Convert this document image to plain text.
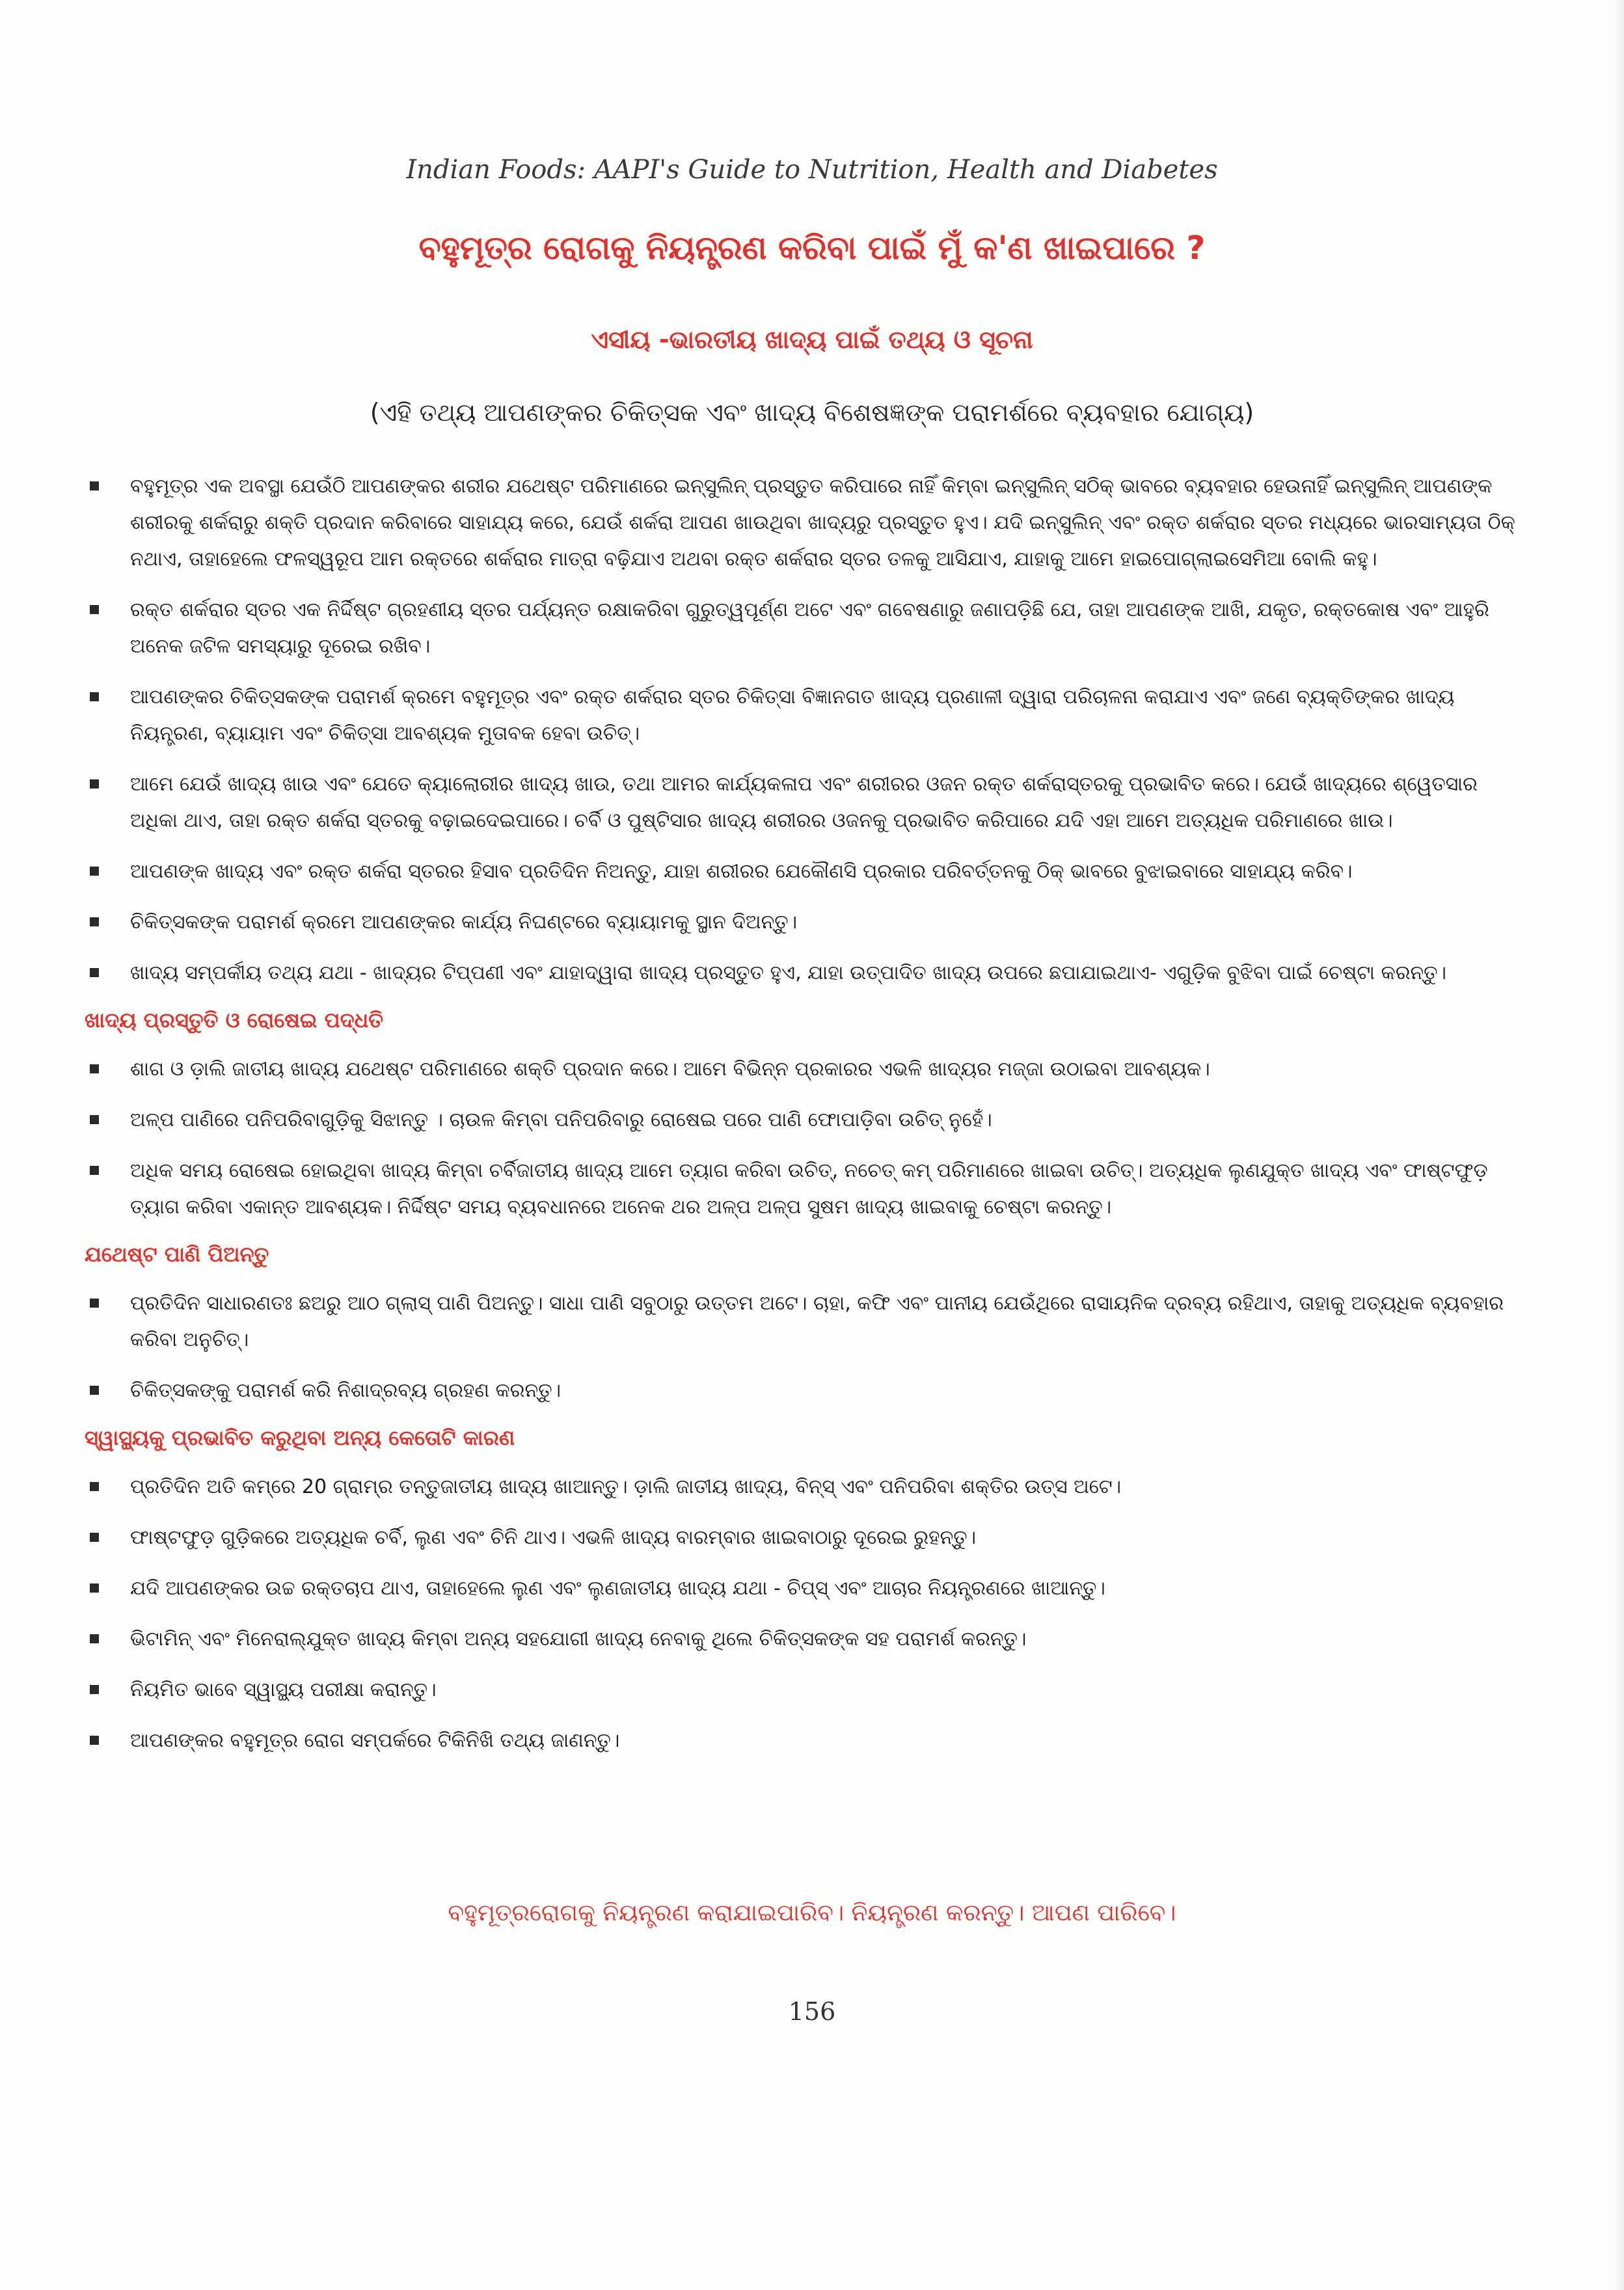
Indian Foods: AAPI's Guide to Nutrition, Health and Diabetes
ବହୁମୂତ୍ର ରୋଗକୁ ନିୟନ୍ତ୍ରଣ କରିବା ପାଇଁ ମୁଁ କ'ଣ ଖାଇପାରେ ?
ଏସୀୟ -ଭାରତୀୟ ଖାଦ୍ୟ ପାଇଁ ତଥ୍ୟ ଓ ସୂଚନା
(ଏହି ତଥ୍ୟ ଆପଣଙ୍କର ଚିକିତ୍ସକ ଏବଂ ଖାଦ୍ୟ ବିଶେଷଜ୍ଞଙ୍କ ପରାମର୍ଶରେ ବ୍ୟବହାର ଯୋଗ୍ୟ)
ବହୁମୂତ୍ର ଏକ ଅବସ୍ଥା ଯେଉଁଠି ଆପଣଙ୍କର ଶରୀର ଯଥେଷ୍ଟ ପରିମାଣରେ ଇନ୍‌ସୁଲିନ୍ ପ୍ରସ୍ତୁତ କରିପାରେ ନାହିଁ କିମ୍ବା ଇନ୍‌ସୁଲିନ୍ ସଠିକ୍ ଭାବରେ ବ୍ୟବହାର ହେଉନାହିଁ ଇନ୍‌ସୁଲିନ୍ ଆପଣଙ୍କ ଶରୀରକୁ ଶର୍କରାରୁ ଶକ୍ତି ପ୍ରଦାନ କରିବାରେ ସାହାଯ୍ୟ କରେ, ଯେଉଁ ଶର୍କରା ଆପଣ ଖାଉଥିବା ଖାଦ୍ୟରୁ ପ୍ରସ୍ତୁତ ହୁଏ। ଯଦି ଇନ୍‌ସୁଲିନ୍ ଏବଂ ରକ୍ତ ଶର୍କରାର ସ୍ତର ମଧ୍ୟରେ ଭାରସାମ୍ୟତା ଠିକ୍ ନଥାଏ, ତାହାହେଲେ ଫଳସ୍ୱରୂପ ଆମ ରକ୍ତରେ ଶର୍କରାର ମାତ୍ରା ବଢ଼ିଯାଏ ଅଥବା ରକ୍ତ ଶର୍କରାର ସ୍ତର ତଳକୁ ଆସିଯାଏ, ଯାହାକୁ ଆମେ ହାଇପୋଗ୍ଲାଇସେମିଆ ବୋଲି କହୁ।
ରକ୍ତ ଶର୍କରାର ସ୍ତର ଏକ ନିର୍ଦ୍ଦିଷ୍ଟ ଗ୍ରହଣୀୟ ସ୍ତର ପର୍ଯ୍ୟନ୍ତ ରକ୍ଷାକରିବା ଗୁରୁତ୍ୱପୂର୍ଣ୍ଣ ଅଟେ ଏବଂ ଗବେଷଣାରୁ ଜଣାପଡ଼ିଛି ଯେ, ତାହା ଆପଣଙ୍କ ଆଖି, ଯକୃତ, ରକ୍ତକୋଷ ଏବଂ ଆହୁରି ଅନେକ ଜଟିଳ ସମସ୍ୟାରୁ ଦୂରେଇ ରଖିବ।
ଆପଣଙ୍କର ଚିକିତ୍ସକଙ୍କ ପରାମର୍ଶ କ୍ରମେ ବହୁମୂତ୍ର ଏବଂ ରକ୍ତ ଶର୍କରାର ସ୍ତର ଚିକିତ୍ସା ବିଜ୍ଞାନଗତ ଖାଦ୍ୟ ପ୍ରଣାଳୀ ଦ୍ୱାରା ପରିଚାଳନା କରାଯାଏ ଏବଂ ଜଣେ ବ୍ୟକ୍ତିଙ୍କର ଖାଦ୍ୟ ନିୟନ୍ତ୍ରଣ, ବ୍ୟାୟାମ ଏବଂ ଚିକିତ୍ସା ଆବଶ୍ୟକ ମୁତାବକ ହେବା ଉଚିତ୍।
ଆମେ ଯେଉଁ ଖାଦ୍ୟ ଖାଉ ଏବଂ ଯେତେ କ୍ୟାଲୋରୀର ଖାଦ୍ୟ ଖାଉ, ତଥା ଆମର କାର୍ଯ୍ୟକଳାପ ଏବଂ ଶରୀରର ଓଜନ ରକ୍ତ ଶର୍କରାସ୍ତରକୁ ପ୍ରଭାବିତ କରେ। ଯେଉଁ ଖାଦ୍ୟରେ ଶ୍ୱେତସାର ଅଧିକା ଥାଏ, ତାହା ରକ୍ତ ଶର୍କରା ସ୍ତରକୁ ବଢ଼ାଇଦେଇପାରେ। ଚର୍ବି ଓ ପୁଷ୍ଟିସାର ଖାଦ୍ୟ ଶରୀରର ଓଜନକୁ ପ୍ରଭାବିତ କରିପାରେ ଯଦି ଏହା ଆମେ ଅତ୍ୟଧିକ ପରିମାଣରେ ଖାଉ।
ଆପଣଙ୍କ ଖାଦ୍ୟ ଏବଂ ରକ୍ତ ଶର୍କରା ସ୍ତରର ହିସାବ ପ୍ରତିଦିନ ନିଅନ୍ତୁ, ଯାହା ଶରୀରର ଯେକୌଣସି ପ୍ରକାର ପରିବର୍ତ୍ତନକୁ ଠିକ୍ ଭାବରେ ବୁଝାଇବାରେ ସାହାଯ୍ୟ କରିବ।
ଚିକିତ୍ସକଙ୍କ ପରାମର୍ଶ କ୍ରମେ ଆପଣଙ୍କର କାର୍ଯ୍ୟ ନିଘଣ୍ଟରେ ବ୍ୟାୟାମକୁ ସ୍ଥାନ ଦିଅନ୍ତୁ।
ଖାଦ୍ୟ ସମ୍ପର୍କୀୟ ତଥ୍ୟ ଯଥା - ଖାଦ୍ୟର ଟିପ୍ପଣୀ ଏବଂ ଯାହାଦ୍ୱାରା ଖାଦ୍ୟ ପ୍ରସ୍ତୁତ ହୁଏ, ଯାହା ଉତ୍ପାଦିତ ଖାଦ୍ୟ ଉପରେ ଛପାଯାଇଥାଏ- ଏଗୁଡ଼ିକ ବୁଝିବା ପାଇଁ ଚେଷ୍ଟା କରନ୍ତୁ।
ଖାଦ୍ୟ ପ୍ରସ୍ତୁତି ଓ ରୋଷେଇ ପଦ୍ଧତି
ଶାଗ ଓ ଡ଼ାଲି ଜାତୀୟ ଖାଦ୍ୟ ଯଥେଷ୍ଟ ପରିମାଣରେ ଶକ୍ତି ପ୍ରଦାନ କରେ। ଆମେ ବିଭିନ୍ନ ପ୍ରକାରର ଏଭଳି ଖାଦ୍ୟର ମଜ୍ଜା ଉଠାଇବା ଆବଶ୍ୟକ।
ଅଳ୍ପ ପାଣିରେ ପନିପରିବାଗୁଡ଼ିକୁ ସିଝାନ୍ତୁ । ଚାଉଳ କିମ୍ବା ପନିପରିବାରୁ ରୋଷେଇ ପରେ ପାଣି ଫୋପାଡ଼ିବା ଉଚିତ୍ ନୁହେଁ।
ଅଧିକ ସମୟ ରୋଷେଇ ହୋଇଥିବା ଖାଦ୍ୟ କିମ୍ବା ଚର୍ବିଜାତୀୟ ଖାଦ୍ୟ ଆମେ ତ୍ୟାଗ କରିବା ଉଚିତ୍, ନଚେତ୍ କମ୍ ପରିମାଣରେ ଖାଇବା ଉଚିତ୍। ଅତ୍ୟଧିକ ଲୁଣଯୁକ୍ତ ଖାଦ୍ୟ ଏବଂ ଫାଷ୍ଟଫୁଡ଼ ତ୍ୟାଗ କରିବା ଏକାନ୍ତ ଆବଶ୍ୟକ। ନିର୍ଦ୍ଦିଷ୍ଟ ସମୟ ବ୍ୟବଧାନରେ ଅନେକ ଥର ଅଳ୍ପ ଅଳ୍ପ ସୁଷମ ଖାଦ୍ୟ ଖାଇବାକୁ ଚେଷ୍ଟା କରନ୍ତୁ।
ଯଥେଷ୍ଟ ପାଣି ପିଅନ୍ତୁ
ପ୍ରତିଦିନ ସାଧାରଣତଃ ଛଅରୁ ଆଠ ଗ୍ଲାସ୍ ପାଣି ପିଅନ୍ତୁ। ସାଧା ପାଣି ସବୁଠାରୁ ଉତ୍ତମ ଅଟେ। ଚାହା, କଫି ଏବଂ ପାନୀୟ ଯେଉଁଥିରେ ରାସାୟନିକ ଦ୍ରବ୍ୟ ରହିଥାଏ, ତାହାକୁ ଅତ୍ୟଧିକ ବ୍ୟବହାର କରିବା ଅନୁଚିତ୍।
ଚିକିତ୍ସକଙ୍କୁ ପରାମର୍ଶ କରି ନିଶାଦ୍ରବ୍ୟ ଗ୍ରହଣ କରନ୍ତୁ।
ସ୍ୱାସ୍ଥ୍ୟକୁ ପ୍ରଭାବିତ କରୁଥିବା ଅନ୍ୟ କେତୋଟି କାରଣ
ପ୍ରତିଦିନ ଅତି କମ୍‌ରେ 20 ଗ୍ରାମ୍‌ର ତନ୍ତୁଜାତୀୟ ଖାଦ୍ୟ ଖାଆନ୍ତୁ। ଡ଼ାଲି ଜାତୀୟ ଖାଦ୍ୟ, ବିନ୍‌ସ୍ ଏବଂ ପନିପରିବା ଶକ୍ତିର ଉତ୍ସ ଅଟେ।
ଫାଷ୍ଟଫୁଡ଼ ଗୁଡ଼ିକରେ ଅତ୍ୟଧିକ ଚର୍ବି, ଲୁଣ ଏବଂ ଚିନି ଥାଏ। ଏଭଳି ଖାଦ୍ୟ ବାରମ୍ବାର ଖାଇବାଠାରୁ ଦୂରେଇ ରୁହନ୍ତୁ।
ଯଦି ଆପଣଙ୍କର ଉଚ୍ଚ ରକ୍ତଚାପ ଥାଏ, ତାହାହେଲେ ଲୁଣ ଏବଂ ଲୁଣଜାତୀୟ ଖାଦ୍ୟ ଯଥା - ଚିପ୍‌ସ୍ ଏବଂ ଆଚାର ନିୟନ୍ତ୍ରଣରେ ଖାଆନ୍ତୁ।
ଭିଟାମିନ୍ ଏବଂ ମିନେରାଲ୍‌ଯୁକ୍ତ ଖାଦ୍ୟ କିମ୍ବା ଅନ୍ୟ ସହଯୋଗୀ ଖାଦ୍ୟ ନେବାକୁ ଥିଲେ ଚିକିତ୍ସକଙ୍କ ସହ ପରାମର୍ଶ କରନ୍ତୁ।
ନିୟମିତ ଭାବେ ସ୍ୱାସ୍ଥ୍ୟ ପରୀକ୍ଷା କରାନ୍ତୁ।
ଆପଣଙ୍କର ବହୁମୂତ୍ର ରୋଗ ସମ୍ପର୍କରେ ଟିକିନିଖି ତଥ୍ୟ ଜାଣନ୍ତୁ।
ବହୁମୂତ୍ରରୋଗକୁ ନିୟନ୍ତ୍ରଣ କରାଯାଇପାରିବ। ନିୟନ୍ତ୍ରଣ କରନ୍ତୁ। ଆପଣ ପାରିବେ।
156
